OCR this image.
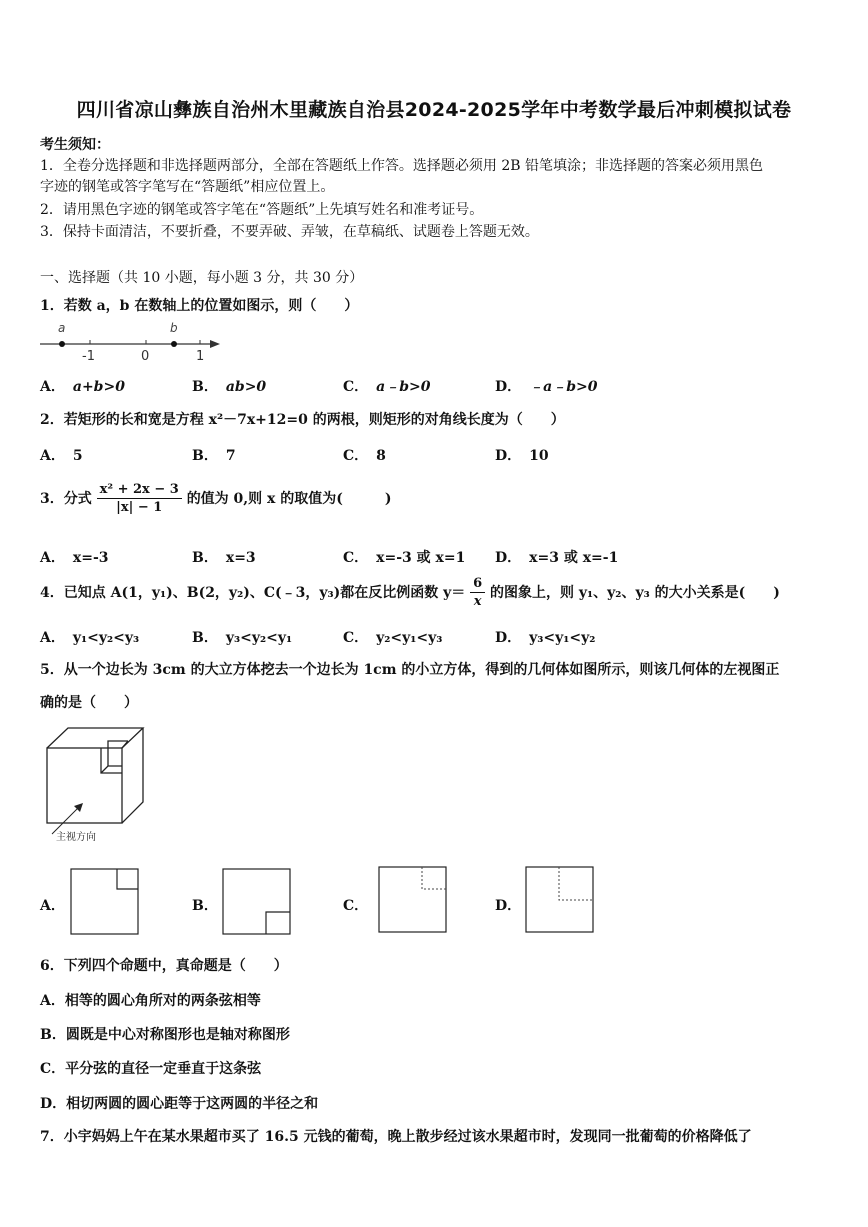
四川省凉山彝族自治州木里藏族自治县2024-2025学年中考数学最后冲刺模拟试卷
考生须知：
1．全卷分选择题和非选择题两部分，全部在答题纸上作答。选择题必须用 2B 铅笔填涂；非选择题的答案必须用黑色
字迹的钢笔或答字笔写在“答题纸”相应位置上。
2．请用黑色字迹的钢笔或答字笔在“答题纸”上先填写姓名和准考证号。
3．保持卡面清洁，不要折叠，不要弄破、弄皱，在草稿纸、试题卷上答题无效。
一、选择题（共 10 小题，每小题 3 分，共 30 分）
1．若数 a，b 在数轴上的位置如图示，则（　　）
a	b
-1	0	1
A． a+b>0	B． ab>0	C． a﹣b>0	D． ﹣a﹣b>0
2．若矩形的长和宽是方程 x²－7x+12=0 的两根，则矩形的对角线长度为（　　）
A． 5	B． 7	C． 8	D． 10
3．分式 $\frac{\text{x² + 2x − 3}}{|x| - 1}$ 的值为 0,则 x 的取值为(　　　)
A． x=-3	B． x=3	C． x=-3 或 x=1 D． x=3 或 x=-1
4．已知点 A(1，y₁)、B(2，y₂)、C(﹣3，y₃)都在反比例函数 $y= \frac{6}{x}$ 的图象上，则 y₁、y₂、y₃ 的大小关系是(　　)
A． y₁<y₂<y₃	B． y₃<y₂<y₁	C． y₂<y₁<y₃	D． y₃<y₁<y₂
5．从一个边长为 3cm 的大立方体挖去一个边长为 1cm 的小立方体，得到的几何体如图所示，则该几何体的左视图正
确的是（　　）
主视方向
A．	B．	C．	D．
6．下列四个命题中，真命题是（　　）
A．相等的圆心角所对的两条弦相等
B．圆既是中心对称图形也是轴对称图形
C．平分弦的直径一定垂直于这条弦
D．相切两圆的圆心距等于这两圆的半径之和
7．小宇妈妈上午在某水果超市买了 16.5 元钱的葡萄，晚上散步经过该水果超市时，发现同一批葡萄的价格降低了
